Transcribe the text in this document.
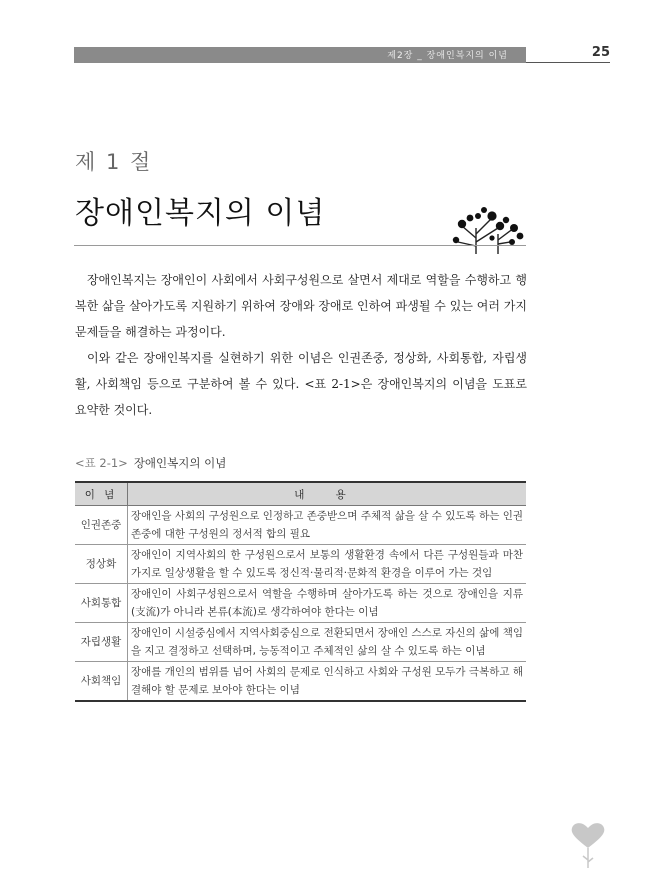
제2장 _ 장애인복지의 이념	25
제 1 절
장애인복지의 이념

장애인복지는 장애인이 사회에서 사회구성원으로 살면서 제대로 역할을 수행하고 행복한 삶을 살아가도록 지원하기 위하여 장애와 장애로 인하여 파생될 수 있는 여러 가지 문제들을 해결하는 과정이다.

이와 같은 장애인복지를 실현하기 위한 이념은 인권존중, 정상화, 사회통합, 자립생활, 사회책임 등으로 구분하여 볼 수 있다. <표 2-1>은 장애인복지의 이념을 도표로 요약한 것이다.

<표 2-1> 장애인복지의 이념
이 념	내 용
인권존중	장애인을 사회의 구성원으로 인정하고 존중받으며 주체적 삶을 살 수 있도록 하는 인권존중에 대한 구성원의 정서적 합의 필요
정상화	장애인이 지역사회의 한 구성원으로서 보통의 생활환경 속에서 다른 구성원들과 마찬가지로 일상생활을 할 수 있도록 정신적·물리적·문화적 환경을 이루어 가는 것임
사회통합	장애인이 사회구성원으로서 역할을 수행하며 살아가도록 하는 것으로 장애인을 지류(支流)가 아니라 본류(本流)로 생각하여야 한다는 이념
자립생활	장애인이 시설중심에서 지역사회중심으로 전환되면서 장애인 스스로 자신의 삶에 책임을 지고 결정하고 선택하며, 능동적이고 주체적인 삶의 살 수 있도록 하는 이념
사회책임	장애를 개인의 범위를 넘어 사회의 문제로 인식하고 사회와 구성원 모두가 극복하고 해결해야 할 문제로 보아야 한다는 이념
